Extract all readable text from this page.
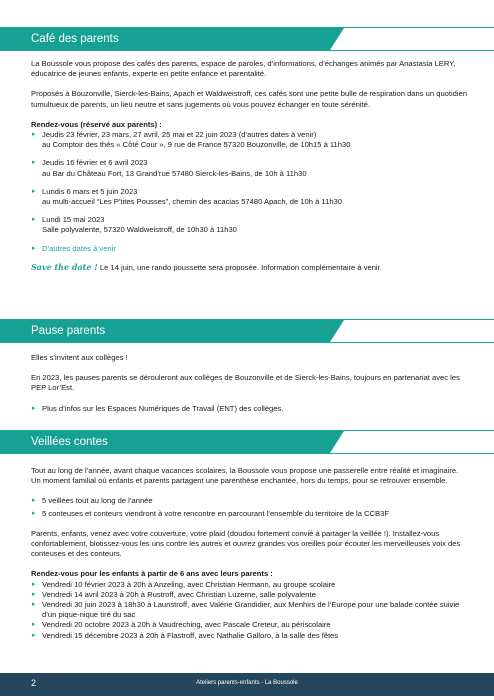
Café des parents

La Boussole vous propose des cafés des parents, espace de paroles, d’informations, d’échanges animés par Anastasia LERY, éducatrice de jeunes enfants, experte en petite enfance et parentalité.

Proposés à Bouzonville, Sierck-les-Bains, Apach et Waldweistroff, ces cafés sont une petite bulle de respiration dans un quotidien tumultueux de parents, un lieu neutre et sans jugements où vous pouvez échanger en toute sérénité.

Rendez-vous (réservé aux parents) :

▸ Jeudis 23 février, 23 mars, 27 avril, 25 mai et 22 juin 2023 (d’autres dates à venir)
au Comptoir des thés « Côté Cour », 9 rue de France 57320 Bouzonville, de 10h15 à 11h30
▸ Jeudis 16 février et 6 avril 2023
au Bar du Château Fort, 13 Grand’rue 57480 Sierck-les-Bains, de 10h à 11h30
▸ Lundis 6 mars et 5 juin 2023
au multi-accueil “Les P’tites Pousses”, chemin des acacias 57480 Apach, de 10h à 11h30
▸ Lundi 15 mai 2023
Salle polyvalente, 57320 Waldweistroff, de 10h30 à 11h30
▸ D’autres dates à venir

Save the date ! Le 14 juin, une rando poussette sera proposée. Information complémentaire à venir.

Pause parents

Elles s’invitent aux collèges !

En 2023, les pauses parents se dérouleront aux collèges de Bouzonville et de Sierck-les-Bains, toujours en partenariat avec les PEP Lor’Est.

▸ Plus d’infos sur les Espaces Numériques de Travail (ENT) des collèges.
Veillées contes

Tout au long de l’année, avant chaque vacances scolaires, la Boussole vous propose une passerelle entre réalité et imaginaire. Un moment familial où enfants et parents partagent une parenthèse enchantée, hors du temps, pour se retrouver ensemble.

▸ 5 veillées tout au long de l’année
▸ 5 conteuses et conteurs viendront à votre rencontre en parcourant l’ensemble du territoire de la CCB3F

Parents, enfants, venez avec votre couverture, votre plaid (doudou fortement convié à partager la veillée !). Installez-vous confortablement, blotissez-vous les uns contre les autres et ouvrez grandes vos oreilles pour écouter les merveilleuses voix des conteuses et des conteurs.

Rendez-vous pour les enfants à partir de 6 ans avec leurs parents :

▸ Vendredi 10 février 2023 à 20h à Anzeling, avec Christian Hermann, au groupe scolaire
▸ Vendredi 14 avril 2023 à 20h à Rustroff, avec Christian Luzerne, salle polyvalente
▸ Vendredi 30 juin 2023 à 18h30 à Launstroff, avec Valérie Grandidier, aux Menhirs de l’Europe pour une balade contée suivie d’un pique-nique tiré du sac
▸ Vendredi 20 octobre 2023 à 20h à Vaudreching, avec Pascale Creteur, au périscolaire
▸ Vendredi 15 décembre 2023 à 20h à Flastroff, avec Nathalie Galloro, à la salle des fêtes
2	Ateliers parents-enfants - La Boussole
